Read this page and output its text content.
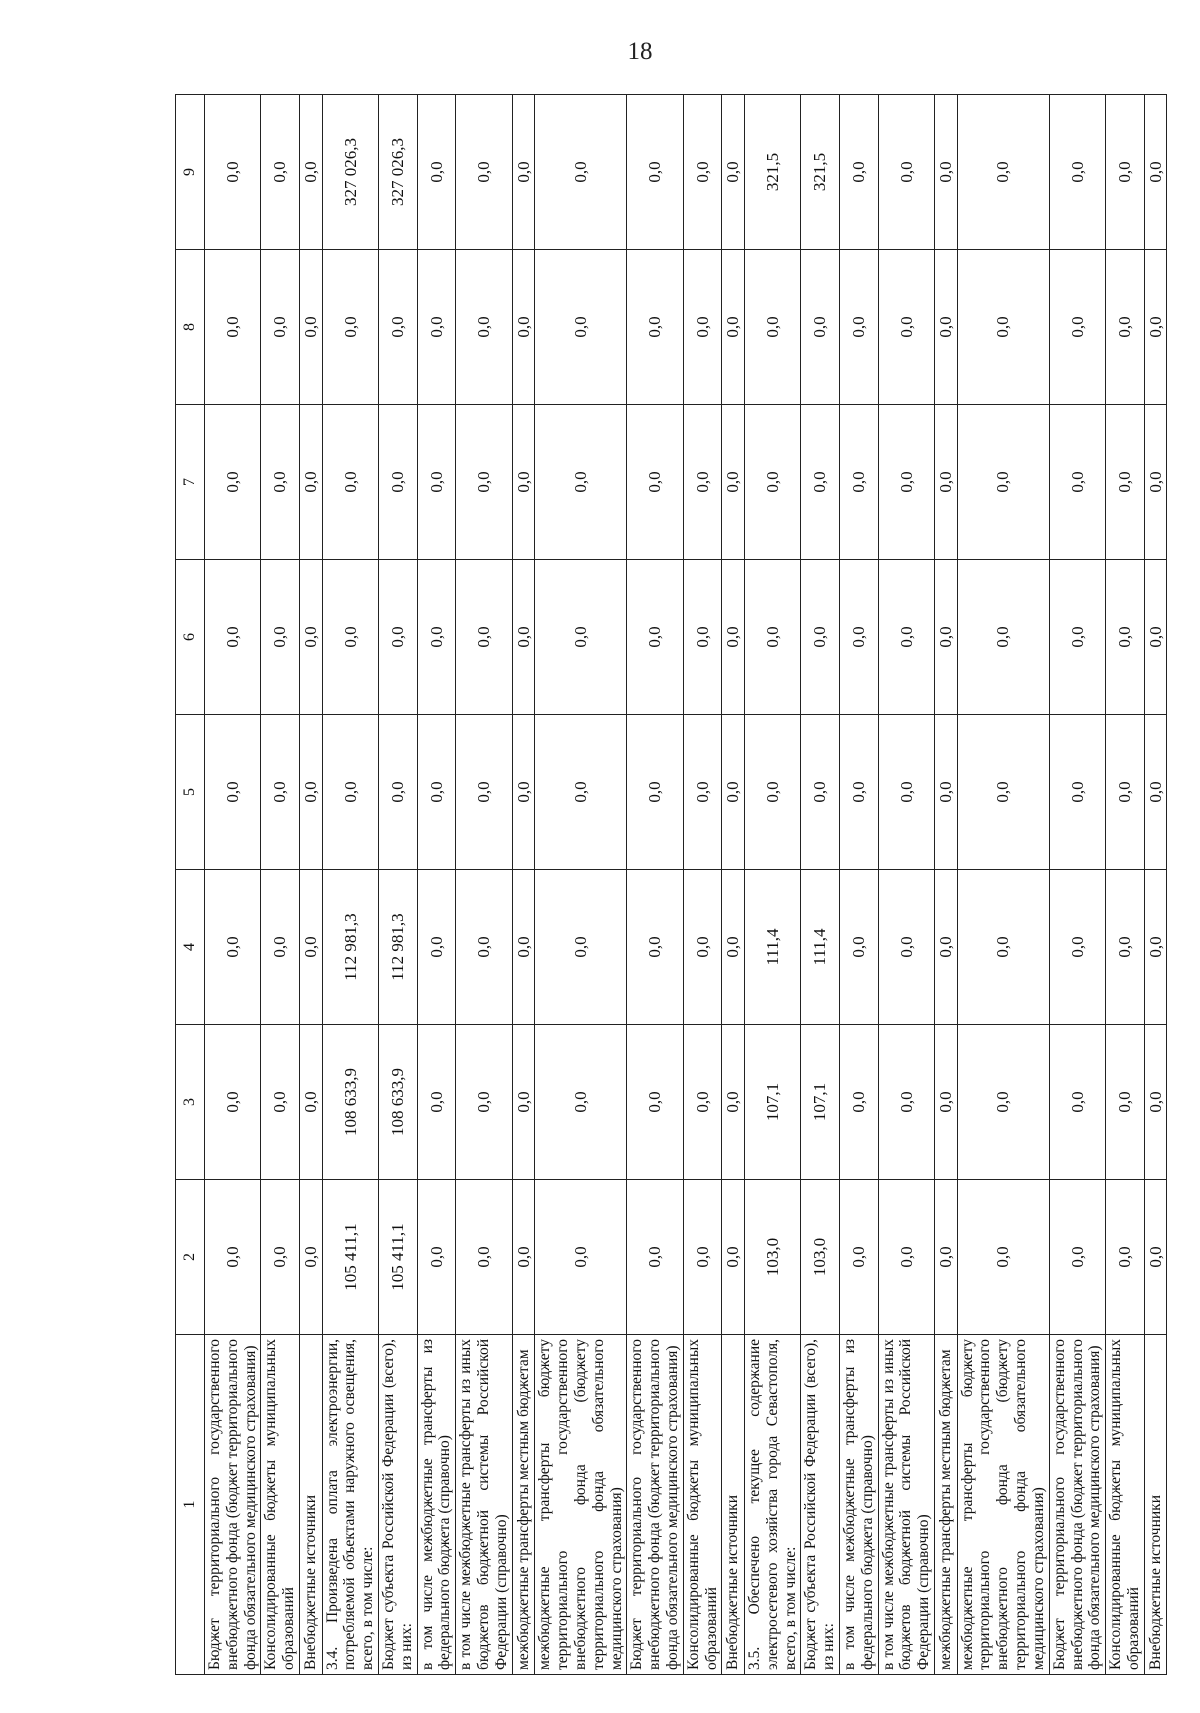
18
1	2	3	4	5	6	7	8	9
Бюджет территориального государственного внебюджетного фонда (бюджет территориального фонда обязательного медицинского страхования)	0,0	0,0	0,0	0,0	0,0	0,0	0,0	0,0
Консолидированные бюджеты муниципальных образований	0,0	0,0	0,0	0,0	0,0	0,0	0,0	0,0
Внебюджетные источники	0,0	0,0	0,0	0,0	0,0	0,0	0,0	0,0
3.4. Произведена оплата электроэнергии, потребляемой объектами наружного освещения, всего, в том числе:	105 411,1	108 633,9	112 981,3	0,0	0,0	0,0	0,0	327 026,3
Бюджет субъекта Российской Федерации (всего), из них:	105 411,1	108 633,9	112 981,3	0,0	0,0	0,0	0,0	327 026,3
в том числе межбюджетные трансферты из федерального бюджета (справочно)	0,0	0,0	0,0	0,0	0,0	0,0	0,0	0,0
в том числе межбюджетные трансферты из иных бюджетов бюджетной системы Российской Федерации (справочно)	0,0	0,0	0,0	0,0	0,0	0,0	0,0	0,0
межбюджетные трансферты местным бюджетам	0,0	0,0	0,0	0,0	0,0	0,0	0,0	0,0
межбюджетные трансферты бюджету территориального государственного внебюджетного фонда (бюджету территориального фонда обязательного медицинского страхования)	0,0	0,0	0,0	0,0	0,0	0,0	0,0	0,0
Бюджет территориального государственного внебюджетного фонда (бюджет территориального фонда обязательного медицинского страхования)	0,0	0,0	0,0	0,0	0,0	0,0	0,0	0,0
Консолидированные бюджеты муниципальных образований	0,0	0,0	0,0	0,0	0,0	0,0	0,0	0,0
Внебюджетные источники	0,0	0,0	0,0	0,0	0,0	0,0	0,0	0,0
3.5. Обеспечено текущее содержание электросетевого хозяйства города Севастополя, всего, в том числе:	103,0	107,1	111,4	0,0	0,0	0,0	0,0	321,5
Бюджет субъекта Российской Федерации (всего), из них:	103,0	107,1	111,4	0,0	0,0	0,0	0,0	321,5
в том числе межбюджетные трансферты из федерального бюджета (справочно)	0,0	0,0	0,0	0,0	0,0	0,0	0,0	0,0
в том числе межбюджетные трансферты из иных бюджетов бюджетной системы Российской Федерации (справочно)	0,0	0,0	0,0	0,0	0,0	0,0	0,0	0,0
межбюджетные трансферты местным бюджетам	0,0	0,0	0,0	0,0	0,0	0,0	0,0	0,0
межбюджетные трансферты бюджету территориального государственного внебюджетного фонда (бюджету территориального фонда обязательного медицинского страхования)	0,0	0,0	0,0	0,0	0,0	0,0	0,0	0,0
Бюджет территориального государственного внебюджетного фонда (бюджет территориального фонда обязательного медицинского страхования)	0,0	0,0	0,0	0,0	0,0	0,0	0,0	0,0
Консолидированные бюджеты муниципальных образований	0,0	0,0	0,0	0,0	0,0	0,0	0,0	0,0
Внебюджетные источники	0,0	0,0	0,0	0,0	0,0	0,0	0,0	0,0
